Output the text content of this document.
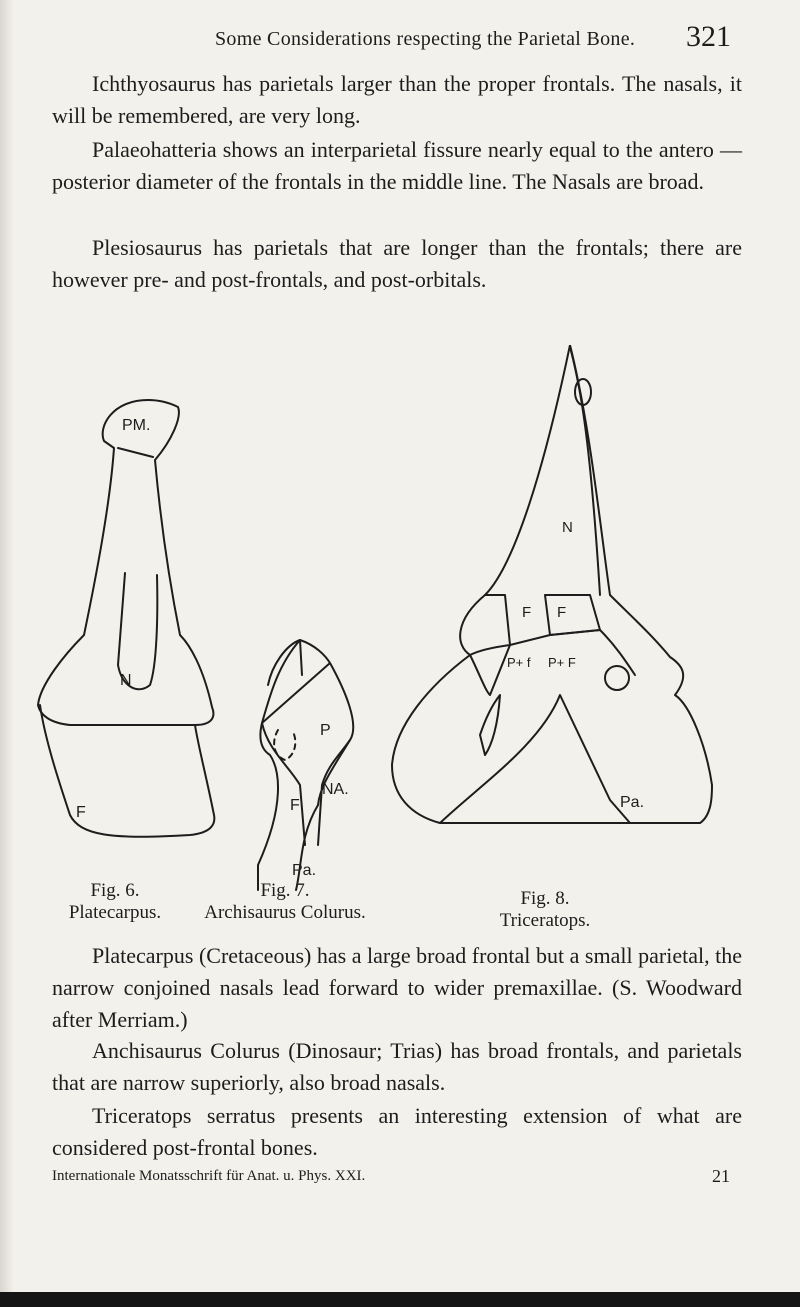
Some Considerations respecting the Parietal Bone. 321

Ichthyosaurus has parietals larger than the proper frontals. The nasals, it will be remembered, are very long.

Palaeohatteria shows an interparietal fissure nearly equal to the antero — posterior diameter of the frontals in the middle line. The Nasals are broad.

Plesiosaurus has parietals that are longer than the frontals; there are however pre- and post-frontals, and post-orbitals.

PM.
N
F
P
NA.
F
Pa.
N
F F
P+ f P+ F
Pa.
Fig. 6.
Platecarpus.
Fig. 7.
Archisaurus Colurus.
Fig. 8.
Triceratops.

Platecarpus (Cretaceous) has a large broad frontal but a small parietal, the narrow conjoined nasals lead forward to wider premaxillae. (S. Woodward after Merriam.)

Anchisaurus Colurus (Dinosaur; Trias) has broad frontals, and parietals that are narrow superiorly, also broad nasals.

Triceratops serratus presents an interesting extension of what are considered post-frontal bones.

Internationale Monatsschrift für Anat. u. Phys. XXI.	21
